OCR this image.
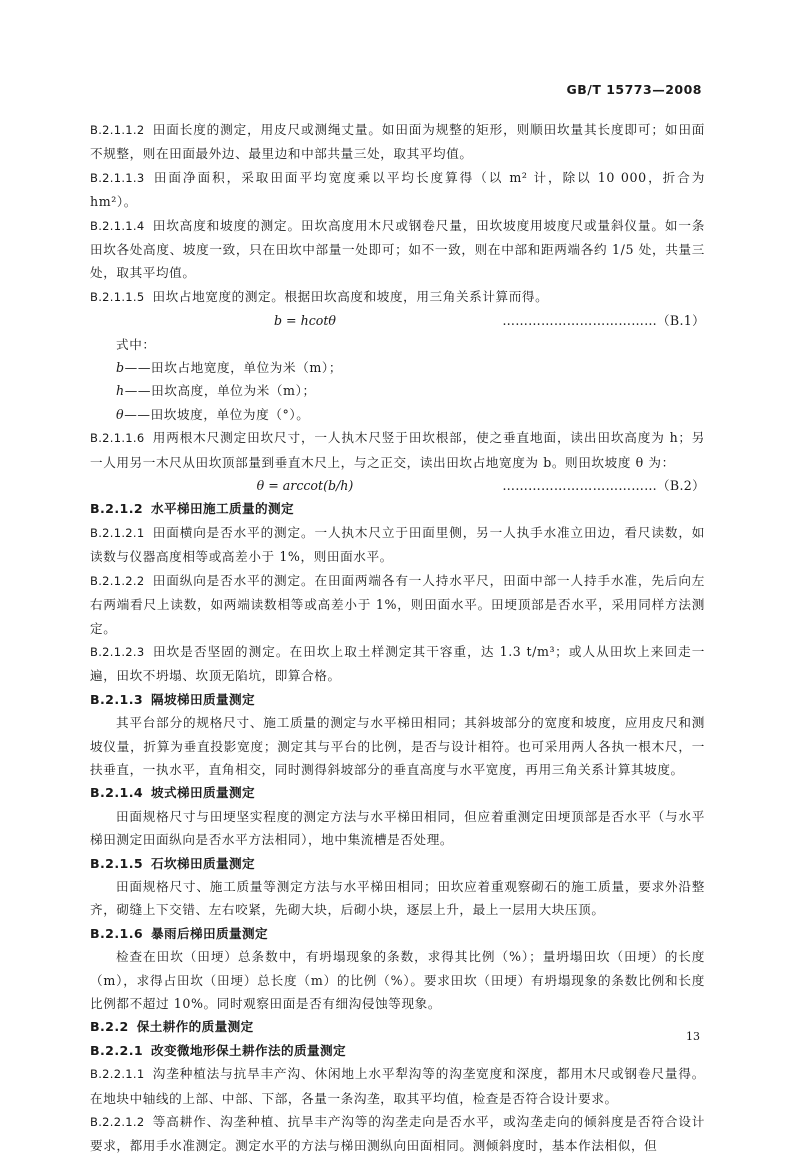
GB/T 15773—2008

B.2.1.1.2 田面长度的测定，用皮尺或测绳丈量。如田面为规整的矩形，则顺田坎量其长度即可；如田面不规整，则在田面最外边、最里边和中部共量三处，取其平均值。

B.2.1.1.3 田面净面积，采取田面平均宽度乘以平均长度算得（以 m² 计，除以 10 000，折合为 hm²）。

B.2.1.1.4 田坎高度和坡度的测定。田坎高度用木尺或钢卷尺量，田坎坡度用坡度尺或量斜仪量。如一条田坎各处高度、坡度一致，只在田坎中部量一处即可；如不一致，则在中部和距两端各约 1/5 处，共量三处，取其平均值。

B.2.1.1.5 田坎占地宽度的测定。根据田坎高度和坡度，用三角关系计算而得。

b = hcotθ	………………………………（B.1）

式中：

b——田坎占地宽度，单位为米（m）；

h——田坎高度，单位为米（m）；

θ——田坎坡度，单位为度（°）。

B.2.1.1.6 用两根木尺测定田坎尺寸，一人执木尺竖于田坎根部，使之垂直地面，读出田坎高度为 h；另一人用另一木尺从田坎顶部量到垂直木尺上，与之正交，读出田坎占地宽度为 b。则田坎坡度 θ 为：

θ = arccot(b/h)	………………………………（B.2）

B.2.1.2 水平梯田施工质量的测定

B.2.1.2.1 田面横向是否水平的测定。一人执木尺立于田面里侧，另一人执手水准立田边，看尺读数，如读数与仪器高度相等或高差小于 1%，则田面水平。

B.2.1.2.2 田面纵向是否水平的测定。在田面两端各有一人持水平尺，田面中部一人持手水准，先后向左右两端看尺上读数，如两端读数相等或高差小于 1%，则田面水平。田埂顶部是否水平，采用同样方法测定。

B.2.1.2.3 田坎是否坚固的测定。在田坎上取土样测定其干容重，达 1.3 t/m³；或人从田坎上来回走一遍，田坎不坍塌、坎顶无陷坑，即算合格。

B.2.1.3 隔坡梯田质量测定

其平台部分的规格尺寸、施工质量的测定与水平梯田相同；其斜坡部分的宽度和坡度，应用皮尺和测坡仪量，折算为垂直投影宽度；测定其与平台的比例，是否与设计相符。也可采用两人各执一根木尺，一扶垂直，一执水平，直角相交，同时测得斜坡部分的垂直高度与水平宽度，再用三角关系计算其坡度。

B.2.1.4 坡式梯田质量测定

田面规格尺寸与田埂坚实程度的测定方法与水平梯田相同，但应着重测定田埂顶部是否水平（与水平梯田测定田面纵向是否水平方法相同），地中集流槽是否处理。

B.2.1.5 石坎梯田质量测定

田面规格尺寸、施工质量等测定方法与水平梯田相同；田坎应着重观察砌石的施工质量，要求外沿整齐，砌缝上下交错、左右咬紧，先砌大块，后砌小块，逐层上升，最上一层用大块压顶。

B.2.1.6 暴雨后梯田质量测定

检查在田坎（田埂）总条数中，有坍塌现象的条数，求得其比例（%）；量坍塌田坎（田埂）的长度（m），求得占田坎（田埂）总长度（m）的比例（%）。要求田坎（田埂）有坍塌现象的条数比例和长度比例都不超过 10%。同时观察田面是否有细沟侵蚀等现象。

B.2.2 保土耕作的质量测定

B.2.2.1 改变微地形保土耕作法的质量测定

B.2.2.1.1 沟垄种植法与抗旱丰产沟、休闲地上水平犁沟等的沟垄宽度和深度，都用木尺或钢卷尺量得。在地块中轴线的上部、中部、下部，各量一条沟垄，取其平均值，检查是否符合设计要求。

B.2.2.1.2 等高耕作、沟垄种植、抗旱丰产沟等的沟垄走向是否水平，或沟垄走向的倾斜度是否符合设计要求，都用手水准测定。测定水平的方法与梯田测纵向田面相同。测倾斜度时，基本作法相似，但

13
